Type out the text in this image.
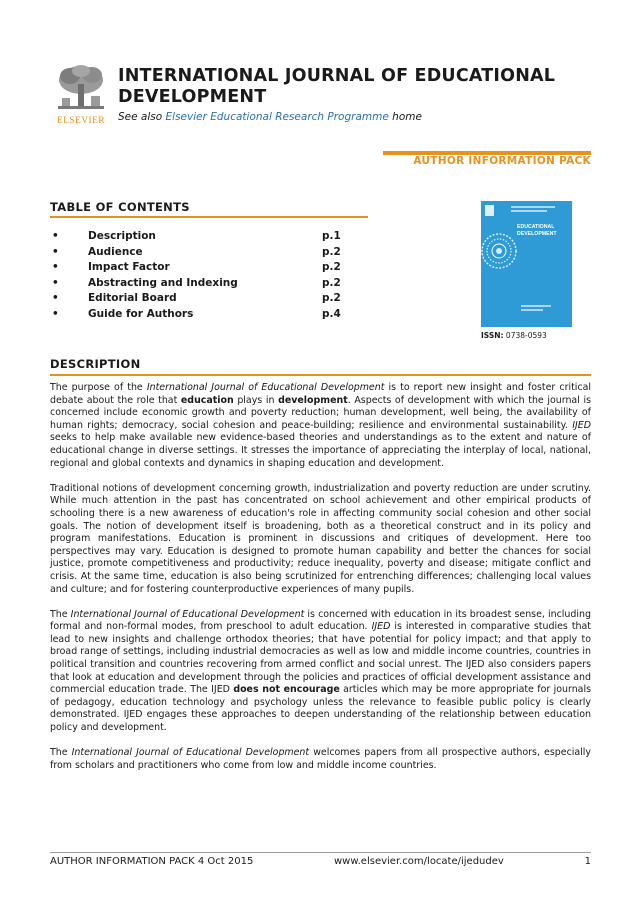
ELSEVIER
INTERNATIONAL JOURNAL OF EDUCATIONAL
DEVELOPMENT
See also Elsevier Educational Research Programme home
AUTHOR INFORMATION PACK
TABLE OF CONTENTS
•	Description	p.1
•	Audience	p.2
•	Impact Factor	p.2
•	Abstracting and Indexing	p.2
•	Editorial Board	p.2
•	Guide for Authors	p.4
EDUCATIONAL
DEVELOPMENT
ISSN: 0738-0593
DESCRIPTION

The purpose of the International Journal of Educational Development is to report new insight and foster critical debate about the role that education plays in development. Aspects of development with which the journal is concerned include economic growth and poverty reduction; human development, well being, the availability of human rights; democracy, social cohesion and peace-building; resilience and environmental sustainability. IJED seeks to help make available new evidence-based theories and understandings as to the extent and nature of educational change in diverse settings. It stresses the importance of appreciating the interplay of local, national, regional and global contexts and dynamics in shaping education and development.

Traditional notions of development concerning growth, industrialization and poverty reduction are under scrutiny. While much attention in the past has concentrated on school achievement and other empirical products of schooling there is a new awareness of education's role in affecting community social cohesion and other social goals. The notion of development itself is broadening, both as a theoretical construct and in its policy and program manifestations. Education is prominent in discussions and critiques of development. Here too perspectives may vary. Education is designed to promote human capability and better the chances for social justice, promote competitiveness and productivity; reduce inequality, poverty and disease; mitigate conflict and crisis. At the same time, education is also being scrutinized for entrenching differences; challenging local values and culture; and for fostering counterproductive experiences of many pupils.

The International Journal of Educational Development is concerned with education in its broadest sense, including formal and non-formal modes, from preschool to adult education. IJED is interested in comparative studies that lead to new insights and challenge orthodox theories; that have potential for policy impact; and that apply to broad range of settings, including industrial democracies as well as low and middle income countries, countries in political transition and countries recovering from armed conflict and social unrest. The IJED also considers papers that look at education and development through the policies and practices of official development assistance and commercial education trade. The IJED does not encourage articles which may be more appropriate for journals of pedagogy, education technology and psychology unless the relevance to feasible public policy is clearly demonstrated. IJED engages these approaches to deepen understanding of the relationship between education policy and development.

The International Journal of Educational Development welcomes papers from all prospective authors, especially from scholars and practitioners who come from low and middle income countries.

AUTHOR INFORMATION PACK 4 Oct 2015	www.elsevier.com/locate/ijedudev	1
